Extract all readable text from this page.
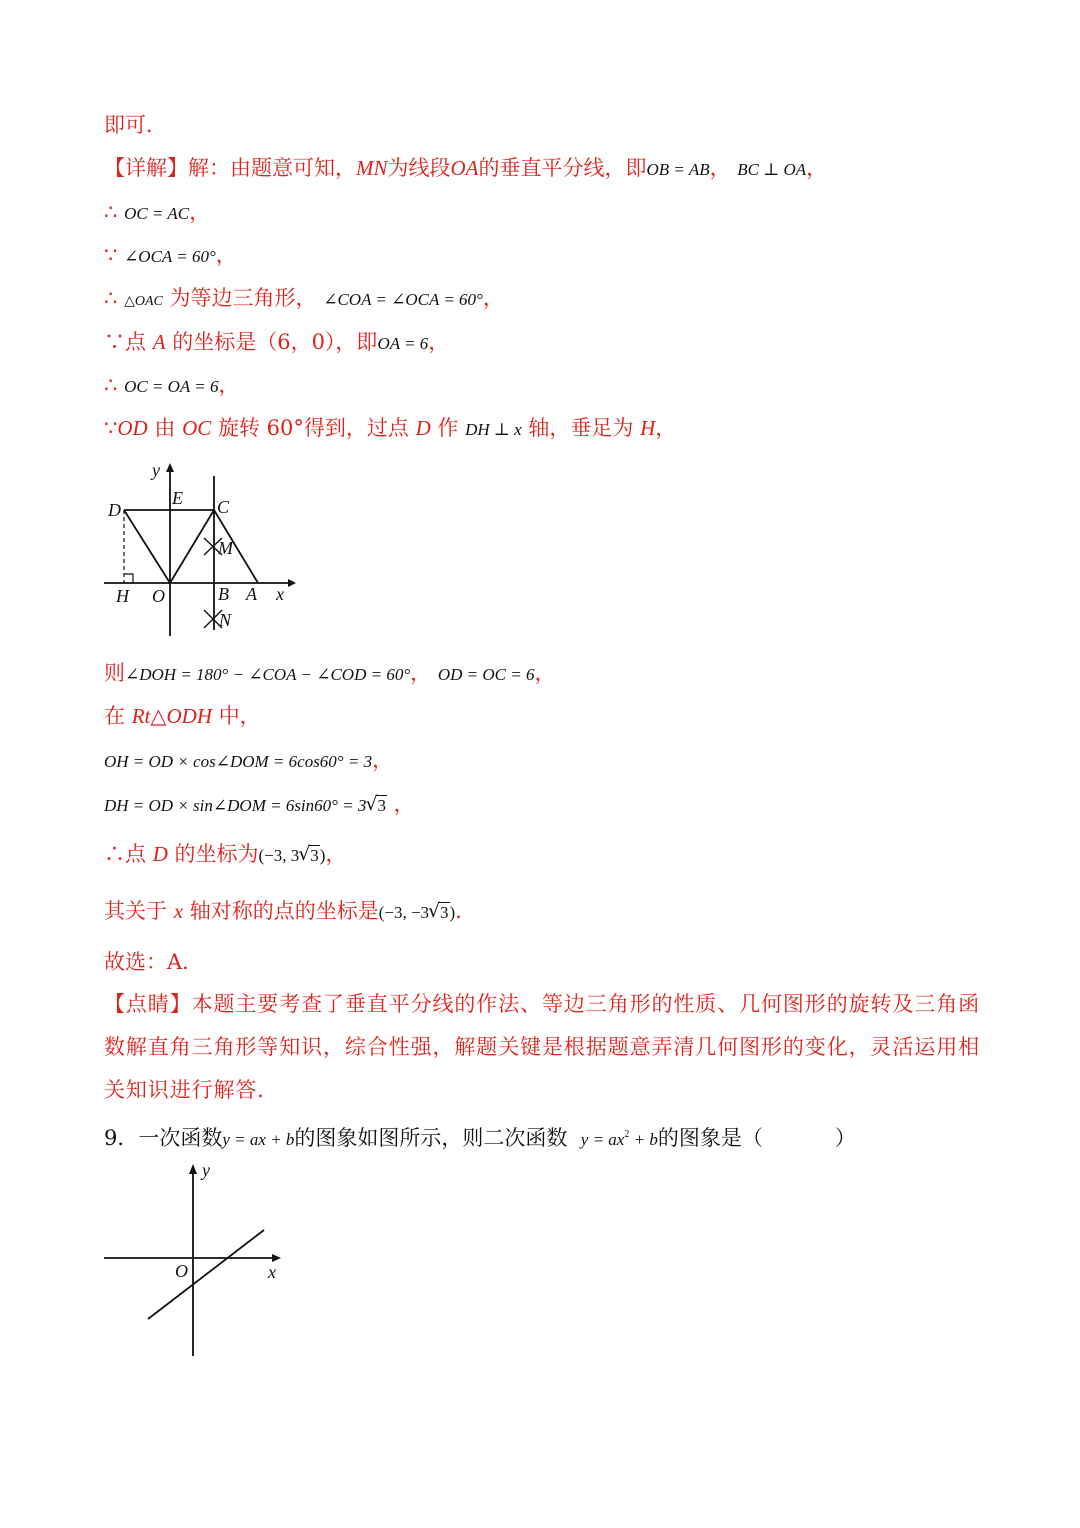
即可．
【详解】解：由题意可知，MN为线段OA的垂直平分线，即OB = AB， BC ⊥ OA，
∴ OC = AC，
∵ ∠OCA = 60°，
∴ △OAC 为等边三角形， ∠COA = ∠OCA = 60°，
∵点 A 的坐标是（6，0），即OA = 6，
∴ OC = OA = 6，
∵OD 由 OC 旋转 60°得到，过点 D 作 DH ⊥ x 轴，垂足为 H，
y
E C
D
M
H O	B A x
N
则∠DOH = 180° − ∠COA − ∠COD = 60°， OD = OC = 6，
在 Rt△ODH 中，
OH = OD × cos∠DOM = 6cos60° = 3，
DH = OD × sin∠DOM = 6sin60° = 3 √ 3 ，
∴点 D 的坐标为(−3, 3 √ 3)，
其关于 x 轴对称的点的坐标是(−3, −3 √ 3)．
故选：A．
【点睛】本题主要考查了垂直平分线的作法、等边三角形的性质、几何图形的旋转及三角函数解直角三角形等知识，综合性强，解题关键是根据题意弄清几何图形的变化，灵活运用相关知识进行解答．
9．一次函数y = ax + b的图象如图所示，则二次函数 $y = ax^2 + b$的图象是（	）
y
O	x
